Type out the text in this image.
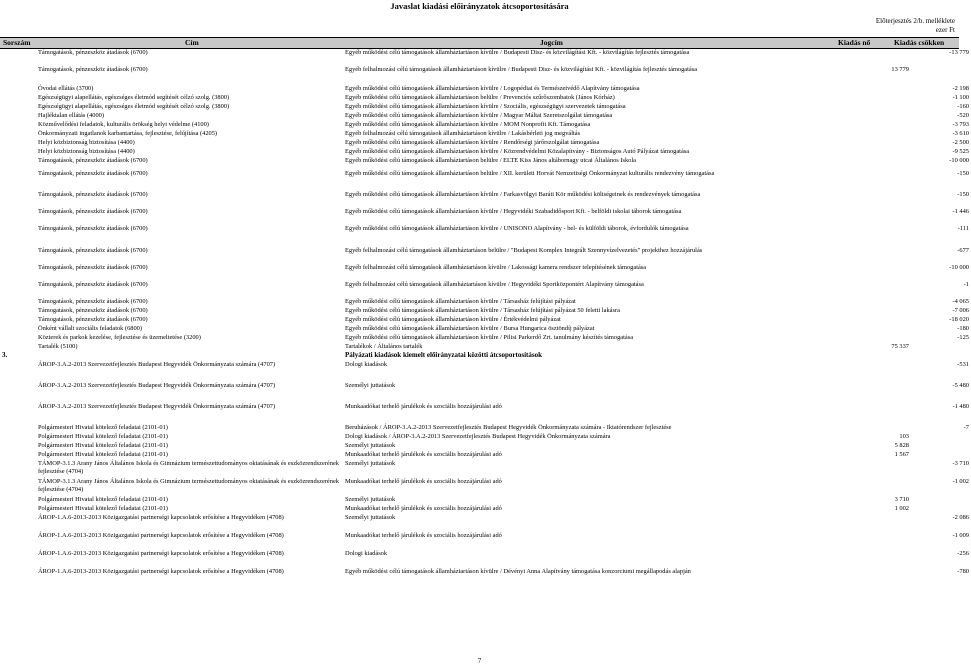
Javaslat kiadási előirányzatok átcsoportosítására
Előterjesztés 2/b. melléklete
ezer Ft
Sorszám	Cím	Jogcím	Kiadás nő	Kiadás csökken
	Támogatások, pénzeszköz átadások (6700)	Egyéb működési célú támogatások államháztartáson kívülre / Budapesti Disz- és közvilágítási Kft. - közvilágítás fejlesztés támogatása		-13 779
	Támogatások, pénzeszköz átadások (6700)	Egyéb felhalmozási célú támogatások államháztartáson kívülre / Budapesti Disz- és közvilágítási Kft. - közvilágítás fejlesztés támogatása	13 779	
	Óvodai ellátás (3700)	Egyéb működési célú támogatások államháztartáson kívülre / Logopédiai és Természetvédő Alapítvány támogatása		-2 198
	Egészségügyi alapellátás, egészséges életmód segítését célzó szolg. (3800)	Egyéb működési célú támogatások államháztartáson belülre / Prevenciós szűrőszombatok (János Kórház)		-1 100
	Egészségügyi alapellátás, egészséges életmód segítését célzó szolg. (3800)	Egyéb működési célú támogatások államháztartáson kívülre / Szociális, egészségügyi szervezetek támogatása		-160
	Hajléktalan ellátás (4000)	Egyéb működési célú támogatások államháztartáson kívülre / Magyar Máltai Szeretszolgálat támogatása		-520
	Közművelődési feladatok, kulturális örökség helyi védelme (4100)	Egyéb működési célú támogatások államháztartáson kívülre / MOM Nonprofit Kft. Támogatása		-3 793
	Önkormányzati ingatlanok karbantartása, fejlesztése, felújítása (4205)	Egyéb felhalmozási célú támogatások államháztartáson kívülre / Lakásbérleti jog megváltás		-3 610
	Helyi közbiztonság biztosítása (4400)	Egyéb működési célú támogatások államháztartáson kívülre / Rendőrségi járőrszolgálat támogatása		-2 500
	Helyi közbiztonság biztosítása (4400)	Egyéb működési célú támogatások államháztartáson kívülre / Közrendvédelmi Közalapítvány - Biztonságos Autó Pályázat támogatása		-9 525
	Támogatások, pénzeszköz átadások (6700)	Egyéb működési célú támogatások államháztartáson belülre / ELTE Kiss János altábornagy utcai Általános Iskola		-10 000
	Támogatások, pénzeszköz átadások (6700)	Egyéb működési célú támogatások államháztartáson belülre / XII. kerületi Horvát Nemzetiségi Önkormányzat kulturális rendezvény támogatása		-150
	Támogatások, pénzeszköz átadások (6700)	Egyéb működési célú támogatások államháztartáson kívülre / Farkasvölgyi Baráti Kör működési költségeinek és rendezvények támogatása		-150
	Támogatások, pénzeszköz átadások (6700)	Egyéb működési célú támogatások államháztartáson kívülre / Hegyvidéki Szabadidősport Kft. - belföldi iskolai táborok támogatása		-1 446
	Támogatások, pénzeszköz átadások (6700)	Egyéb működési célú támogatások államháztartáson kívülre / UNISONO Alapítvány - bel- és külföldi táborok, évfordulók támogatása		-111
	Támogatások, pénzeszköz átadások (6700)	Egyéb felhalmozási célú támogatások államháztartáson belülre / "Budapest Komplex Integrált Szennyvízelvezetés" projekthez hozzájárulás		-677
	Támogatások, pénzeszköz átadások (6700)	Egyéb felhalmozási célú támogatások államháztartáson kívülre / Lakossági kamera rendszer telepítésének támogatása		-10 000
	Támogatások, pénzeszköz átadások (6700)	Egyéb felhalmozási célú támogatások államháztartáson kívülre / Hegyvidéki Sportközpontért Alapítvány támogatása		-1
	Támogatások, pénzeszköz átadások (6700)	Egyéb működési célú támogatások államháztartáson kívülre / Társasház felújítási pályázat		-4 065
	Támogatások, pénzeszköz átadások (6700)	Egyéb működési célú támogatások államháztartáson kívülre / Társasház felújítási pályázat 50 feletti lakásra		-7 006
	Támogatások, pénzeszköz átadások (6700)	Egyéb működési célú támogatások államháztartáson kívülre / Értékvédelmi pályázat		-18 020
	Önként vállalt szociális feladatok (6800)	Egyéb működési célú támogatások államháztartáson kívülre / Bursa Hungarica ösztöndíj pályázat		-180
	Közterek és parkok kezelése, fejlesztése és üzemeltetése (3200)	Egyéb működési célú támogatások államháztartáson kívülre / Pilisi Parkerdő Zrt. tanulmány készítés támogatása		-125
	Tartalék (5100)	Tartalékok / Általános tartalék	75 337	
3.		Pályázati kiadások kiemelt előirányzatai közötti átcsoportosítások		
	ÁROP-3.A.2-2013 Szervezetfejlesztés Budapest Hegyvidék Önkormányzata számára (4707)	Dologi kiadások		-531
	ÁROP-3.A.2-2013 Szervezetfejlesztés Budapest Hegyvidék Önkormányzata számára (4707)	Személyi juttatások		-5 480
	ÁROP-3.A.2-2013 Szervezetfejlesztés Budapest Hegyvidék Önkormányzata számára (4707)	Munkaadókat terhelő járulékok és szociális hozzájárulási adó		-1 480
	Polgármesteri Hivatal kötelező feladatai (2101-01)	Beruházások / ÁROP-3.A.2-2013 Szervezetfejlesztés Budapest Hegyvidék Önkormányzata számára - Iktatórendszer fejlesztése		-7
	Polgármesteri Hivatal kötelező feladatai (2101-01)	Dologi kiadások / ÁROP-3.A.2-2013 Szervezetfejlesztés Budapest Hegyvidék Önkormányzata számára	103	
	Polgármesteri Hivatal kötelező feladatai (2101-01)	Személyi juttatások	5 828	
	Polgármesteri Hivatal kötelező feladatai (2101-01)	Munkaadókat terhelő járulékok és szociális hozzájárulási adó	1 567	
	TÁMOP-3.1.3 Arany János Általános Iskola és Gimnázium természettudományos oktatásának és eszközrendszerének fejlesztése (4704)	Személyi juttatások		-3 710
	TÁMOP-3.1.3 Arany János Általános Iskola és Gimnázium természettudományos oktatásának és eszközrendszerének fejlesztése (4704)	Munkaadókat terhelő járulékok és szociális hozzájárulási adó		-1 002
	Polgármesteri Hivatal kötelező feladatai (2101-01)	Személyi juttatások	3 710	
	Polgármesteri Hivatal kötelező feladatai (2101-01)	Munkaadókat terhelő járulékok és szociális hozzájárulási adó	1 002	
	ÁROP-1.A.6-2013-2013 Közigazgatási partnerségi kapcsolatok erősítése a Hegyvidéken (4708)	Személyi juttatások		-2 086
	ÁROP-1.A.6-2013-2013 Közigazgatási partnerségi kapcsolatok erősítése a Hegyvidéken (4708)	Munkaadókat terhelő járulékok és szociális hozzájárulási adó		-1 009
	ÁROP-1.A.6-2013-2013 Közigazgatási partnerségi kapcsolatok erősítése a Hegyvidéken (4708)	Dologi kiadások		-256
	ÁROP-1.A.6-2013-2013 Közigazgatási partnerségi kapcsolatok erősítése a Hegyvidéken (4708)	Egyéb működési célú támogatások államháztartáson kívülre / Dévényi Anna Alapítvány támogatása konzorciumi megállapodás alapján		-780
7
